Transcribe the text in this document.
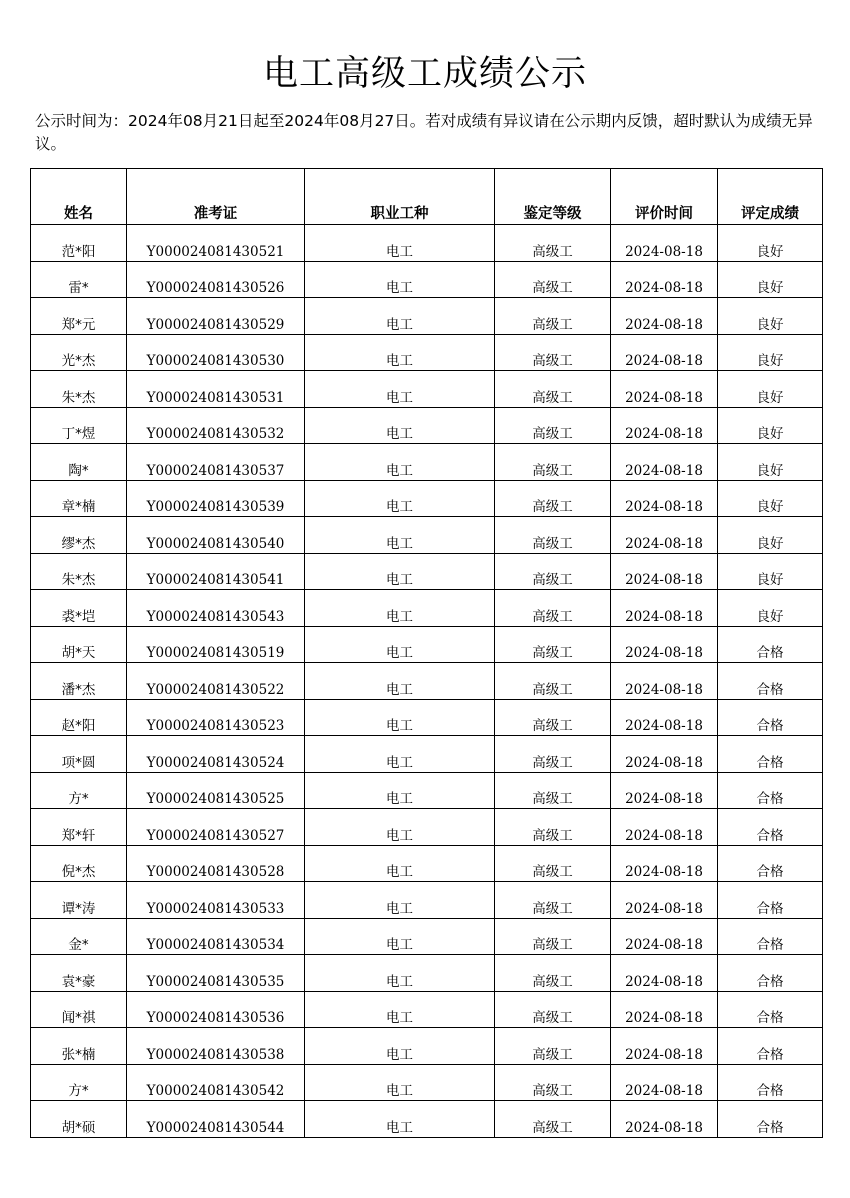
电工高级工成绩公示
公示时间为：2024年08月21日起至2024年08月27日。若对成绩有异议请在公示期内反馈，超时默认为成绩无异议。
姓名	准考证	职业工种	鉴定等级	评价时间	评定成绩
范*阳	Y000024081430521	电工	高级工	2024-08-18	良好
雷*	Y000024081430526	电工	高级工	2024-08-18	良好
郑*元	Y000024081430529	电工	高级工	2024-08-18	良好
光*杰	Y000024081430530	电工	高级工	2024-08-18	良好
朱*杰	Y000024081430531	电工	高级工	2024-08-18	良好
丁*煜	Y000024081430532	电工	高级工	2024-08-18	良好
陶*	Y000024081430537	电工	高级工	2024-08-18	良好
章*楠	Y000024081430539	电工	高级工	2024-08-18	良好
缪*杰	Y000024081430540	电工	高级工	2024-08-18	良好
朱*杰	Y000024081430541	电工	高级工	2024-08-18	良好
裘*垲	Y000024081430543	电工	高级工	2024-08-18	良好
胡*天	Y000024081430519	电工	高级工	2024-08-18	合格
潘*杰	Y000024081430522	电工	高级工	2024-08-18	合格
赵*阳	Y000024081430523	电工	高级工	2024-08-18	合格
项*圆	Y000024081430524	电工	高级工	2024-08-18	合格
方*	Y000024081430525	电工	高级工	2024-08-18	合格
郑*轩	Y000024081430527	电工	高级工	2024-08-18	合格
倪*杰	Y000024081430528	电工	高级工	2024-08-18	合格
谭*涛	Y000024081430533	电工	高级工	2024-08-18	合格
金*	Y000024081430534	电工	高级工	2024-08-18	合格
袁*豪	Y000024081430535	电工	高级工	2024-08-18	合格
闻*祺	Y000024081430536	电工	高级工	2024-08-18	合格
张*楠	Y000024081430538	电工	高级工	2024-08-18	合格
方*	Y000024081430542	电工	高级工	2024-08-18	合格
胡*硕	Y000024081430544	电工	高级工	2024-08-18	合格
